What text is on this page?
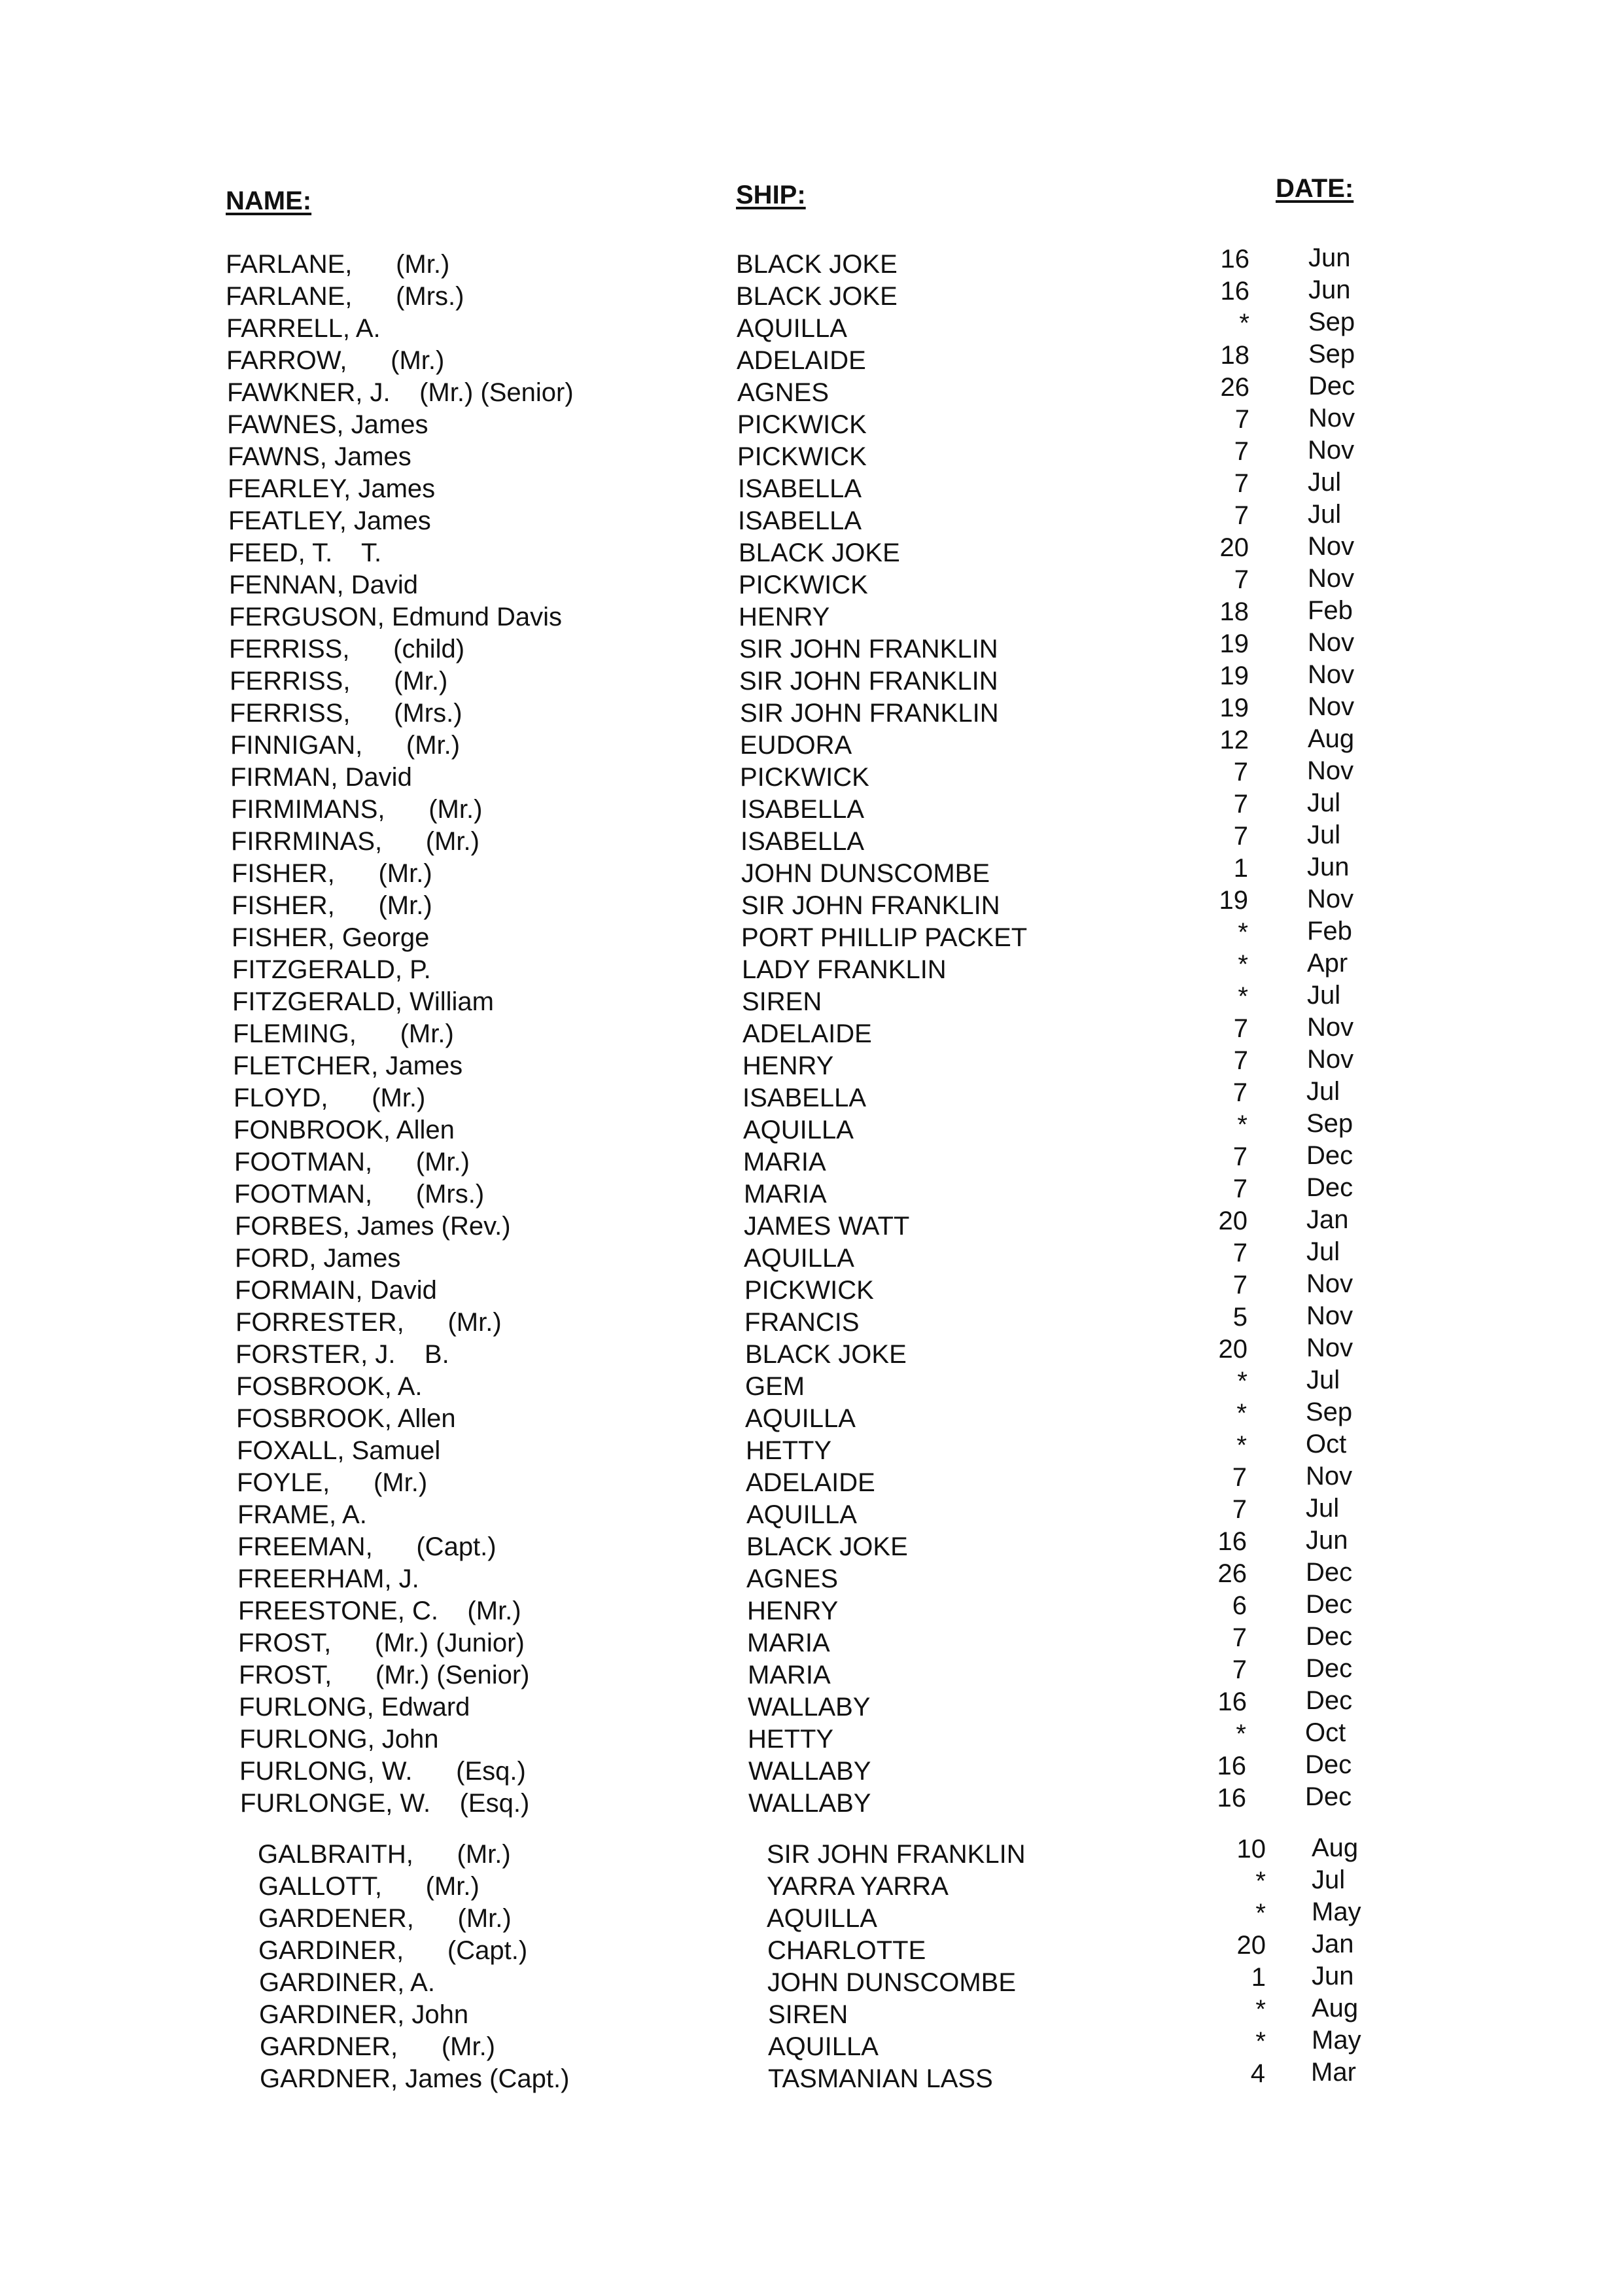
NAME:	SHIP:	DATE:
FARLANE,      (Mr.)	BLACK JOKE	16 Jun
FARLANE,      (Mrs.)	BLACK JOKE	16 Jun
FARRELL, A.	AQUILLA	* Sep
FARROW,      (Mr.)	ADELAIDE	18 Sep
FAWKNER, J.    (Mr.) (Senior)	AGNES	26 Dec
FAWNES, James	PICKWICK	7 Nov
FAWNS, James	PICKWICK	7 Nov
FEARLEY, James	ISABELLA	7 Jul
FEATLEY, James	ISABELLA	7 Jul
FEED, T.    T.	BLACK JOKE	20 Nov
FENNAN, David	PICKWICK	7 Nov
FERGUSON, Edmund Davis	HENRY	18 Feb
FERRISS,      (child)	SIR JOHN FRANKLIN	19 Nov
FERRISS,      (Mr.)	SIR JOHN FRANKLIN	19 Nov
FERRISS,      (Mrs.)	SIR JOHN FRANKLIN	19 Nov
FINNIGAN,      (Mr.)	EUDORA	12 Aug
FIRMAN, David	PICKWICK	7 Nov
FIRMIMANS,      (Mr.)	ISABELLA	7 Jul
FIRRMINAS,      (Mr.)	ISABELLA	7 Jul
FISHER,      (Mr.)	JOHN DUNSCOMBE	1 Jun
FISHER,      (Mr.)	SIR JOHN FRANKLIN	19 Nov
FISHER, George	PORT PHILLIP PACKET	* Feb
FITZGERALD, P.	LADY FRANKLIN	* Apr
FITZGERALD, William	SIREN	* Jul
FLEMING,      (Mr.)	ADELAIDE	7 Nov
FLETCHER, James	HENRY	7 Nov
FLOYD,      (Mr.)	ISABELLA	7 Jul
FONBROOK, Allen	AQUILLA	* Sep
FOOTMAN,      (Mr.)	MARIA	7 Dec
FOOTMAN,      (Mrs.)	MARIA	7 Dec
FORBES, James (Rev.)	JAMES WATT	20 Jan
FORD, James	AQUILLA	7 Jul
FORMAIN, David	PICKWICK	7 Nov
FORRESTER,      (Mr.)	FRANCIS	5 Nov
FORSTER, J.    B.	BLACK JOKE	20 Nov
FOSBROOK, A.	GEM	* Jul
FOSBROOK, Allen	AQUILLA	* Sep
FOXALL, Samuel	HETTY	* Oct
FOYLE,      (Mr.)	ADELAIDE	7 Nov
FRAME, A.	AQUILLA	7 Jul
FREEMAN,      (Capt.)	BLACK JOKE	16 Jun
FREERHAM, J.	AGNES	26 Dec
FREESTONE, C.    (Mr.)	HENRY	6 Dec
FROST,      (Mr.) (Junior)	MARIA	7 Dec
FROST,      (Mr.) (Senior)	MARIA	7 Dec
FURLONG, Edward	WALLABY	16 Dec
FURLONG, John	HETTY	* Oct
FURLONG, W.      (Esq.)	WALLABY	16 Dec
FURLONGE, W.    (Esq.)	WALLABY	16 Dec
GALBRAITH,      (Mr.)	SIR JOHN FRANKLIN	10 Aug
GALLOTT,      (Mr.)	YARRA YARRA	* Jul
GARDENER,      (Mr.)	AQUILLA	* May
GARDINER,      (Capt.)	CHARLOTTE	20 Jan
GARDINER, A.	JOHN DUNSCOMBE	1 Jun
GARDINER, John	SIREN	* Aug
GARDNER,      (Mr.)	AQUILLA	* May
GARDNER, James (Capt.)	TASMANIAN LASS	4 Mar
